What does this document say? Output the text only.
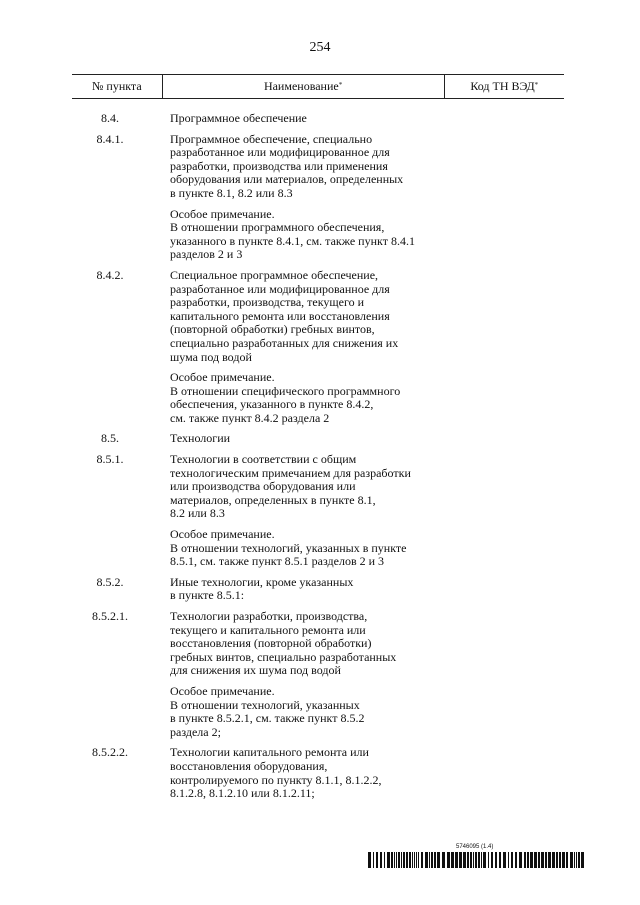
254
№ пункта	Наименование*	Код ТН ВЭД*
8.4.	Программное обеспечение
8.4.1.	Программное обеспечение, специально
разработанное или модифицированное для
разработки, производства или применения
оборудования или материалов, определенных
в пункте 8.1, 8.2 или 8.3
Особое примечание.
В отношении программного обеспечения,
указанного в пункте 8.4.1, см. также пункт 8.4.1
разделов 2 и 3
8.4.2.	Специальное программное обеспечение,
разработанное или модифицированное для
разработки, производства, текущего и
капитального ремонта или восстановления
(повторной обработки) гребных винтов,
специально разработанных для снижения их
шума под водой
Особое примечание.
В отношении специфического программного
обеспечения, указанного в пункте 8.4.2,
см. также пункт 8.4.2 раздела 2
8.5.	Технологии
8.5.1.	Технологии в соответствии с общим
технологическим примечанием для разработки
или производства оборудования или
материалов, определенных в пункте 8.1,
8.2 или 8.3
Особое примечание.
В отношении технологий, указанных в пункте
8.5.1, см. также пункт 8.5.1 разделов 2 и 3
8.5.2.	Иные технологии, кроме указанных
в пункте 8.5.1:
8.5.2.1.	Технологии разработки, производства,
текущего и капитального ремонта или
восстановления (повторной обработки)
гребных винтов, специально разработанных
для снижения их шума под водой
Особое примечание.
В отношении технологий, указанных
в пункте 8.5.2.1, см. также пункт 8.5.2
раздела 2;
8.5.2.2.	Технологии капитального ремонта или
восстановления оборудования,
контролируемого по пункту 8.1.1, 8.1.2.2,
8.1.2.8, 8.1.2.10 или 8.1.2.11;
5746095 (1.4)
